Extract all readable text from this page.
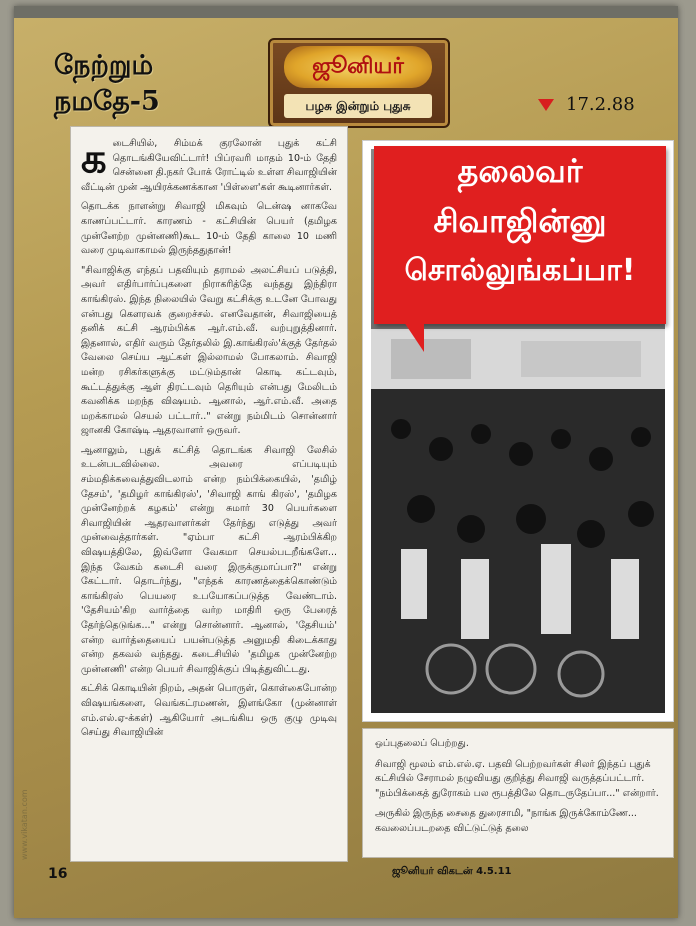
நேற்றும்
நமதே-5
ஜூனியர்
பழசு இன்றும் புதுசு	17.2.88

கடைசியில், சிம்மக் குரலோன் புதுக் கட்சி தொடங்கியேவிட்டார்! பிப்ரவரி மாதம் 10-ம் தேதி சென்னை தி.நகர் போக் ரோட்டில் உள்ள சிவாஜியின் வீட்டின் முன் ஆயிரக்கணக்கான 'பிள்ளை'கள் கூடினார்கள்.

தொடக்க நாளன்று சிவாஜி மிகவும் டென்ஷ னாகவே காணப்பட்டார். காரணம் - கட்சியின் பெயர் (தமிழக முன்னேற்ற முன்னணி)கூட 10-ம் தேதி காலை 10 மணி வரை முடிவாகாமல் இருந்ததுதான்!

"சிவாஜிக்கு எந்தப் பதவியும் தராமல் அலட்சியப் படுத்தி, அவர் எதிர்பார்ப்புகளை நிராகரித்தே வந்தது இந்திரா காங்கிரஸ். இந்த நிலையில் வேறு கட்சிக்கு உடனே போவது என்பது கௌரவக் குறைச்சல். எனவேதான், சிவாஜியைத் தனிக் கட்சி ஆரம்பிக்க ஆர்.எம்.வீ. வற்புறுத்தினார். இதனால், எதிர் வரும் தேர்தலில் இ.காங்கிரஸ்'க்குத் தேர்தல் வேலை செய்ய ஆட்கள் இல்லாமல் போகலாம். சிவாஜி மன்ற ரசிகர்களுக்கு மட்டும்தான் கொடி கட்டவும், கூட்டத்துக்கு ஆள் திரட்டவும் தெரியும் என்பது மேலிடம் கவனிக்க மறந்த விஷயம். ஆனால், ஆர்.எம்.வீ. அதை மறக்காமல் செயல் பட்டார்.." என்று நம்மிடம் சொன்னார் ஜானகி கோஷ்டி ஆதரவாளர் ஒருவர்.

ஆனாலும், புதுக் கட்சித் தொடங்க சிவாஜி லேசில் உடன்படவில்லை. அவரை எப்படியும் சம்மதிக்கவைத்துவிடலாம் என்ற நம்பிக்கையில், 'தமிழ் தேசம்', 'தமிழர் காங்கிரஸ்', 'சிவாஜி காங் கிரஸ்', 'தமிழக முன்னேற்றக் கழகம்' என்று சுமார் 30 பெயர்களை சிவாஜியின் ஆதரவாளர்கள் தேர்ந்து எடுத்து அவர் முன்வைத்தார்கள். "ஏம்பா கட்சி ஆரம்பிக்கிற விஷயத்திலே, இவ்ளோ வேகமா செயல்படறீங்களே... இந்த வேகம் கடைசி வரை இருக்குமாப்பா?" என்று கேட்டார். தொடர்ந்து, "எந்தக் காரணத்தைக்கொண்டும் காங்கிரஸ் பெயரை உபயோகப்படுத்த வேண்டாம். 'தேசியம்'கிற வார்த்தை வர்ற மாதிரி ஒரு பேரைத் தேர்ந்தெடுங்க..." என்று சொன்னார். ஆனால், 'தேசியம்' என்ற வார்த்தையைப் பயன்படுத்த அனுமதி கிடைக்காது என்ற தகவல் வந்தது. கடைசியில் 'தமிழக முன்னேற்ற முன்னணி' என்ற பெயர் சிவாஜிக்குப் பிடித்துவிட்டது.

கட்சிக் கொடியின் நிறம், அதன் பொருள், கொள்கைபோன்ற விஷயங்களை, வெங்கட்ரமணன், இளங்கோ (முன்னாள் எம்.எல்.ஏ-க்கள்) ஆகியோர் அடங்கிய ஒரு குழு முடிவு செய்து சிவாஜியின்

தலைவர்
சிவாஜின்னு
சொல்லுங்கப்பா!

ஒப்புதலைப் பெற்றது.

சிவாஜி மூலம் எம்.எல்.ஏ. பதவி பெற்றவர்கள் சிலர் இந்தப் புதுக் கட்சியில் சேராமல் நழுவியது குறித்து சிவாஜி வருத்தப்பட்டார். "நம்பிக்கைத் துரோகம் பல ரூபத்திலே தொடருதேப்பா..." என்றார்.

அருகில் இருந்த சைதை துரைசாமி, "நாங்க இருக்கோம்ணே... கவலைப்படறதை விட்டுட்டுத் தலை

www.vikatan.com
16	ஜூனியர் விகடன் 4.5.11
